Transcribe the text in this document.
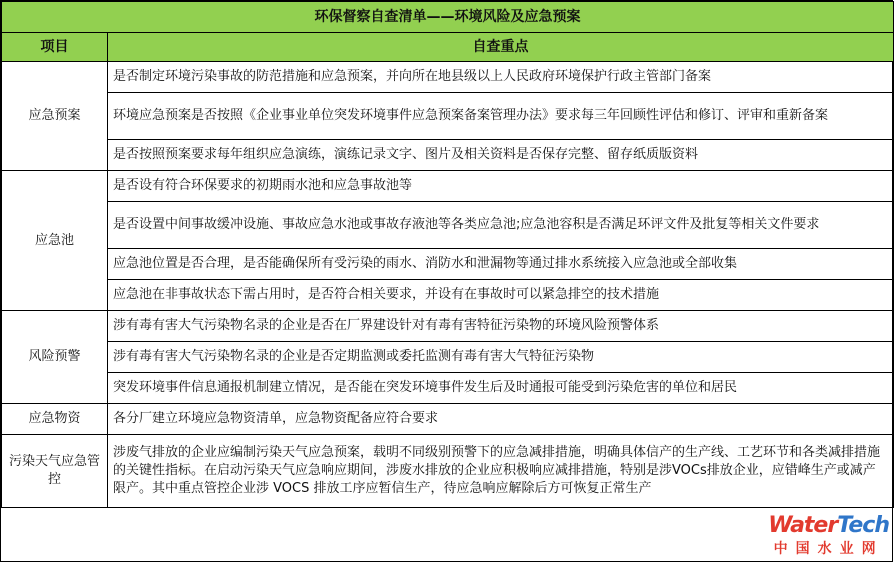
环保督察自查清单——环境风险及应急预案	
项目	自查重点
应急预案	是否制定环境污染事故的防范措施和应急预案，并向所在地县级以上人民政府环境保护行政主管部门备案
	环境应急预案是否按照《企业事业单位突发环境事件应急预案备案管理办法》要求每三年回顾性评估和修订、评审和重新备案
	是否按照预案要求每年组织应急演练，演练记录文字、图片及相关资料是否保存完整、留存纸质版资料
应急池	是否设有符合环保要求的初期雨水池和应急事故池等
	是否设置中间事故缓冲设施、事故应急水池或事故存液池等各类应急池;应急池容积是否满足环评文件及批复等相关文件要求
	应急池位置是否合理，是否能确保所有受污染的雨水、消防水和泄漏物等通过排水系统接入应急池或全部收集
	应急池在非事故状态下需占用时，是否符合相关要求，并设有在事故时可以紧急排空的技术措施
风险预警	涉有毒有害大气污染物名录的企业是否在厂界建设针对有毒有害特征污染物的环境风险预警体系
	涉有毒有害大气污染物名录的企业是否定期监测或委托监测有毒有害大气特征污染物
	突发环境事件信息通报机制建立情况，是否能在突发环境事件发生后及时通报可能受到污染危害的单位和居民
应急物资	各分厂建立环境应急物资清单，应急物资配备应符合要求
污染天气应急管控	涉废气排放的企业应编制污染天气应急预案，载明不同级别预警下的应急减排措施，明确具体信产的生产线、工艺环节和各类减排措施的关键性指标。在启动污染天气应急响应期间，涉废水排放的企业应积极响应减排措施，特别是涉VOCs排放企业，应错峰生产或减产限产。其中重点管控企业涉 VOCS 排放工序应暂信生产，待应急响应解除后方可恢复正常生产
WaterTech
中国水业网
